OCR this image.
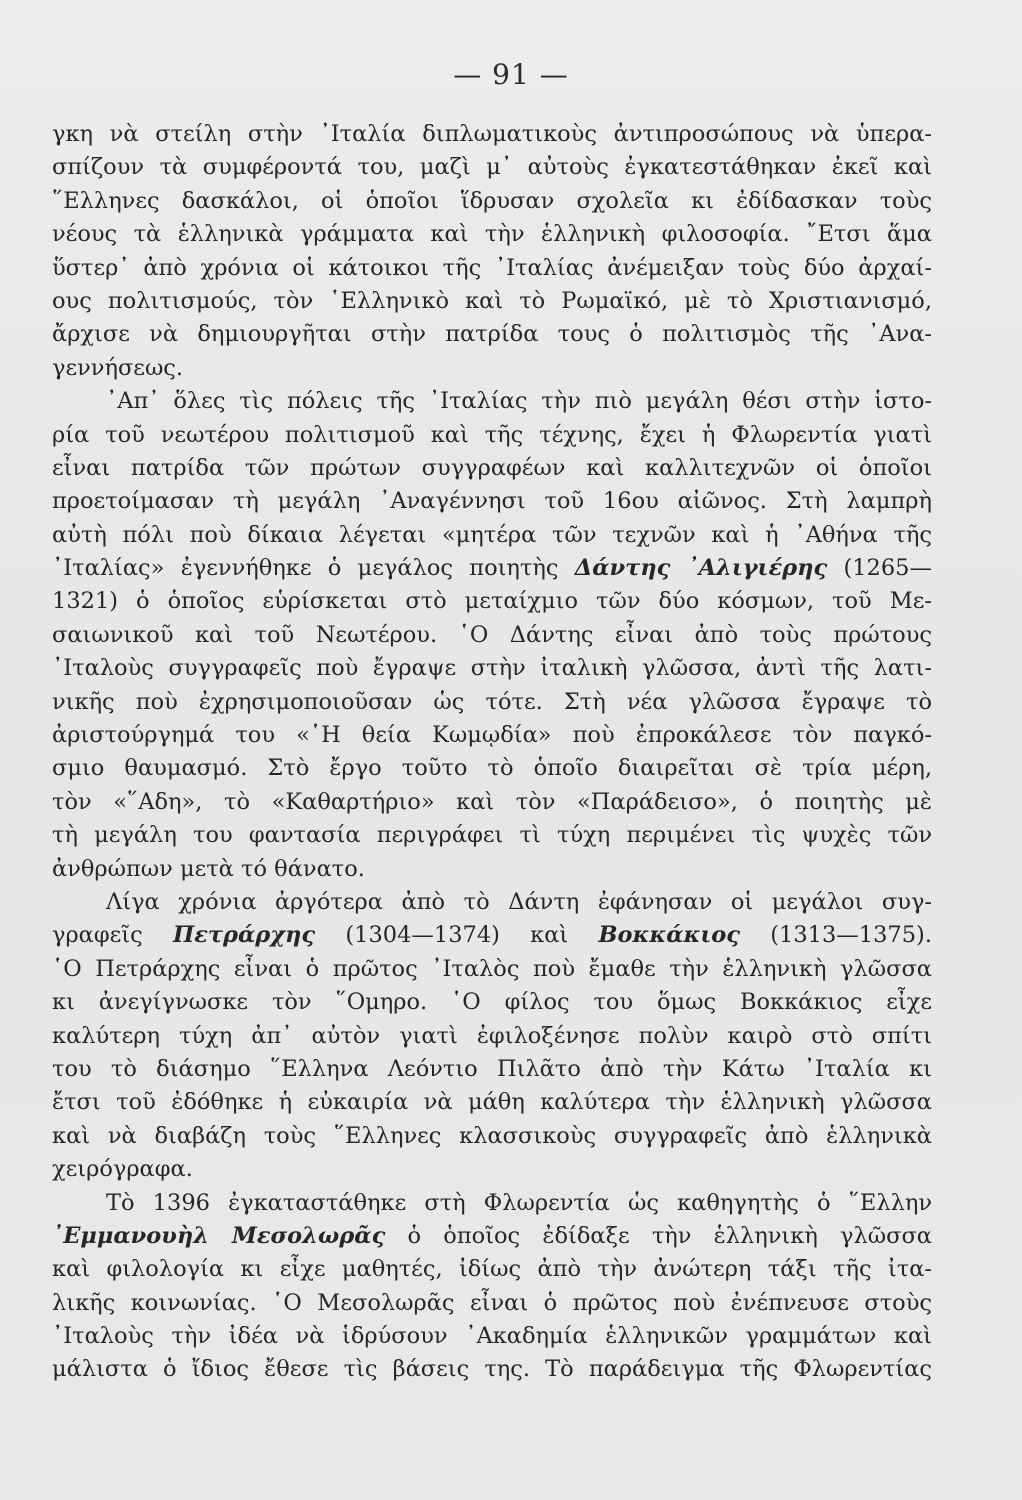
— 91 —
γκη νὰ στείλη στὴν ᾿Ιταλία διπλωματικοὺς ἀντιπροσώπους νὰ ὑπερα-
σπίζουν τὰ συμφέροντά του, μαζὶ μ᾿ αὐτοὺς ἐγκατεστάθηκαν ἐκεῖ καὶ
῞Ελληνες δασκάλοι, οἱ ὁποῖοι ἵδρυσαν σχολεῖα κι ἐδίδασκαν τοὺς
νέους τὰ ἑλληνικὰ γράμματα καὶ τὴν ἑλληνικὴ φιλοσοφία. ῎Ετσι ἅμα
ὕστερ᾿ ἀπὸ χρόνια οἱ κάτοικοι τῆς ᾿Ιταλίας ἀνέμειξαν τοὺς δύο ἀρχαί-
ους πολιτισμούς, τὸν ῾Ελληνικὸ καὶ τὸ Ρωμαϊκό, μὲ τὸ Χριστιανισμό,
ἄρχισε νὰ δημιουργῆται στὴν πατρίδα τους ὁ πολιτισμὸς τῆς ᾿Ανα-
γεννήσεως.
᾿Απ᾿ ὅλες τὶς πόλεις τῆς ᾿Ιταλίας τὴν πιὸ μεγάλη θέσι στὴν ἱστο-
ρία τοῦ νεωτέρου πολιτισμοῦ καὶ τῆς τέχνης, ἔχει ἡ Φλωρεντία γιατὶ
εἶναι πατρίδα τῶν πρώτων συγγραφέων καὶ καλλιτεχνῶν οἱ ὁποῖοι
προετοίμασαν τὴ μεγάλη ᾿Αναγέννησι τοῦ 16ου αἰῶνος. Στὴ λαμπρὴ
αὐτὴ πόλι ποὺ δίκαια λέγεται «μητέρα τῶν τεχνῶν καὶ ἡ ᾿Αθήνα τῆς
᾿Ιταλίας» ἐγεννήθηκε ὁ μεγάλος ποιητὴς Δάντης ᾿Αλιγιέρης (1265—
1321) ὁ ὁποῖος εὑρίσκεται στὸ μεταίχμιο τῶν δύο κόσμων, τοῦ Με-
σαιωνικοῦ καὶ τοῦ Νεωτέρου. ῾Ο Δάντης εἶναι ἀπὸ τοὺς πρώτους
᾿Ιταλοὺς συγγραφεῖς ποὺ ἔγραψε στὴν ἰταλικὴ γλῶσσα, ἀντὶ τῆς λατι-
νικῆς ποὺ ἐχρησιμοποιοῦσαν ὡς τότε. Στὴ νέα γλῶσσα ἔγραψε τὸ
ἀριστούργημά του «῾Η θεία Κωμῳδία» ποὺ ἐπροκάλεσε τὸν παγκό-
σμιο θαυμασμό. Στὸ ἔργο τοῦτο τὸ ὁποῖο διαιρεῖται σὲ τρία μέρη,
τὸν «῞Αδη», τὸ «Καθαρτήριο» καὶ τὸν «Παράδεισο», ὁ ποιητὴς μὲ
τὴ μεγάλη του φαντασία περιγράφει τὶ τύχη περιμένει τὶς ψυχὲς τῶν
ἀνθρώπων μετὰ τό θάνατο.
Λίγα χρόνια ἀργότερα ἀπὸ τὸ Δάντη ἐφάνησαν οἱ μεγάλοι συγ-
γραφεῖς Πετράρχης (1304—1374) καὶ Βοκκάκιος (1313—1375).
῾Ο Πετράρχης εἶναι ὁ πρῶτος ᾿Ιταλὸς ποὺ ἔμαθε τὴν ἑλληνικὴ γλῶσσα
κι ἀνεγίγνωσκε τὸν ῞Ομηρο. ῾Ο φίλος του ὅμως Βοκκάκιος εἶχε
καλύτερη τύχη ἀπ᾿ αὐτὸν γιατὶ ἐφιλοξένησε πολὺν καιρὸ στὸ σπίτι
του τὸ διάσημο ῞Ελληνα Λεόντιο Πιλᾶτο ἀπὸ τὴν Κάτω ᾿Ιταλία κι
ἔτσι τοῦ ἐδόθηκε ἡ εὐκαιρία νὰ μάθη καλύτερα τὴν ἑλληνικὴ γλῶσσα
καὶ νὰ διαβάζη τοὺς ῞Ελληνες κλασσικοὺς συγγραφεῖς ἀπὸ ἑλληνικὰ
χειρόγραφα.
Τὸ 1396 ἐγκαταστάθηκε στὴ Φλωρεντία ὡς καθηγητὴς ὁ ῞Ελλην
᾿Εμμανουὴλ Μεσολωρᾶς ὁ ὁποῖος ἐδίδαξε τὴν ἑλληνικὴ γλῶσσα
καὶ φιλολογία κι εἶχε μαθητές, ἰδίως ἀπὸ τὴν ἀνώτερη τάξι τῆς ἰτα-
λικῆς κοινωνίας. ῾Ο Μεσολωρᾶς εἶναι ὁ πρῶτος ποὺ ἐνέπνευσε στοὺς
᾿Ιταλοὺς τὴν ἰδέα νὰ ἱδρύσουν ᾿Ακαδημία ἑλληνικῶν γραμμάτων καὶ
μάλιστα ὁ ἴδιος ἔθεσε τὶς βάσεις της. Τὸ παράδειγμα τῆς Φλωρεντίας
